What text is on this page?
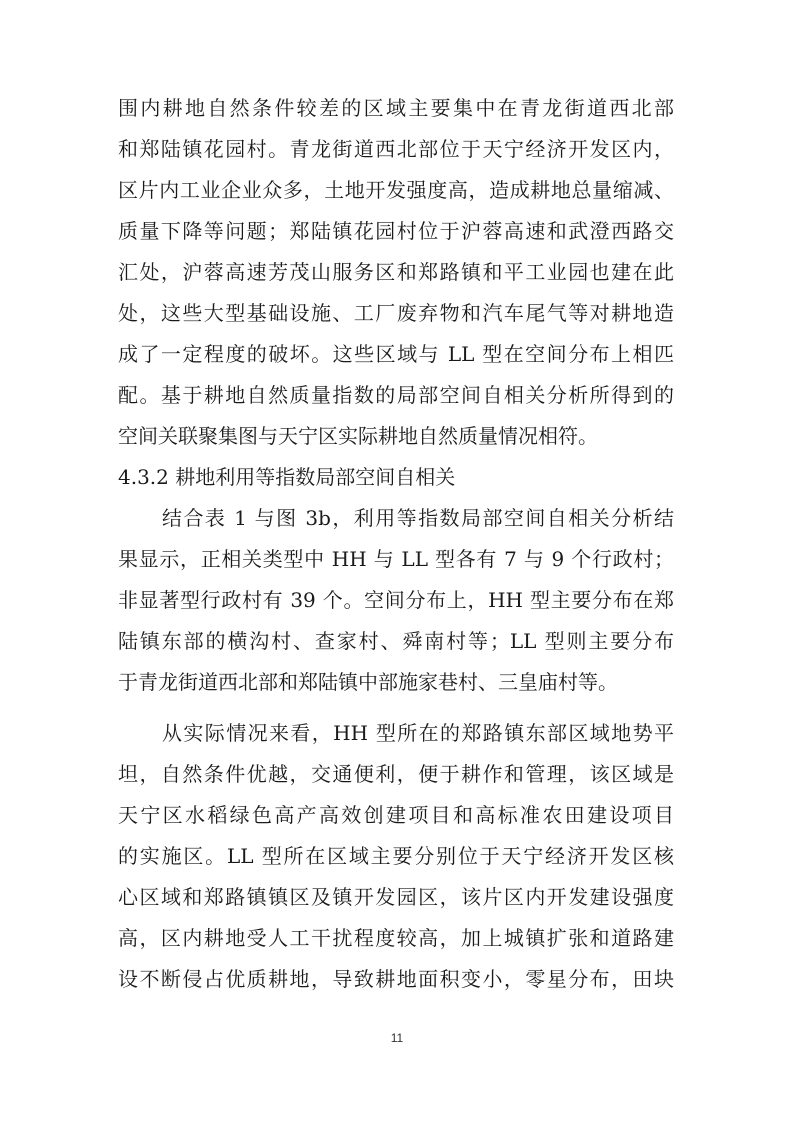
围内耕地自然条件较差的区域主要集中在青龙街道西北部
和郑陆镇花园村。青龙街道西北部位于天宁经济开发区内，
区片内工业企业众多，土地开发强度高，造成耕地总量缩减、
质量下降等问题；郑陆镇花园村位于沪蓉高速和武澄西路交
汇处，沪蓉高速芳茂山服务区和郑路镇和平工业园也建在此
处，这些大型基础设施、工厂废弃物和汽车尾气等对耕地造
成了一定程度的破坏。这些区域与 LL 型在空间分布上相匹
配。基于耕地自然质量指数的局部空间自相关分析所得到的
空间关联聚集图与天宁区实际耕地自然质量情况相符。
4.3.2 耕地利用等指数局部空间自相关
结合表 1 与图 3b，利用等指数局部空间自相关分析结
果显示，正相关类型中 HH 与 LL 型各有 7 与 9 个行政村；
非显著型行政村有 39 个。空间分布上，HH 型主要分布在郑
陆镇东部的横沟村、查家村、舜南村等；LL 型则主要分布
于青龙街道西北部和郑陆镇中部施家巷村、三皇庙村等。
从实际情况来看，HH 型所在的郑路镇东部区域地势平
坦，自然条件优越，交通便利，便于耕作和管理，该区域是
天宁区水稻绿色高产高效创建项目和高标准农田建设项目
的实施区。LL 型所在区域主要分别位于天宁经济开发区核
心区域和郑路镇镇区及镇开发园区，该片区内开发建设强度
高，区内耕地受人工干扰程度较高，加上城镇扩张和道路建
设不断侵占优质耕地，导致耕地面积变小，零星分布，田块
11
